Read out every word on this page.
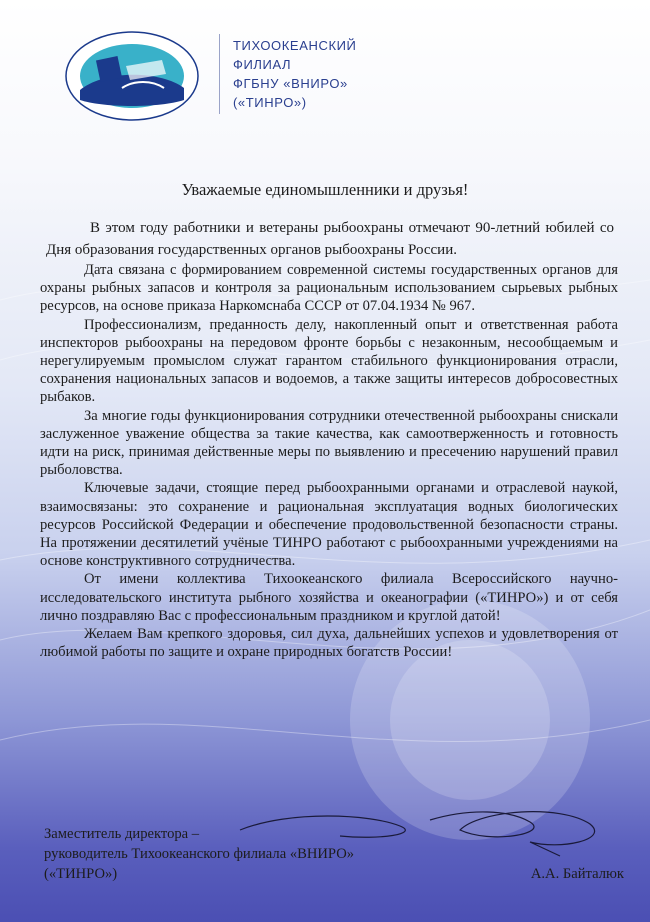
ТИХООКЕАНСКИЙ
ФИЛИАЛ
ФГБНУ «ВНИРО»
(«ТИНРО»)
Уважаемые единомышленники и друзья!

В этом году работники и ветераны рыбоохраны отмечают 90-летний юбилей со Дня образования государственных органов рыбоохраны России.

Дата связана с формированием современной системы государственных органов для охраны рыбных запасов и контроля за рациональным использованием сырьевых рыбных ресурсов, на основе приказа Наркомснаба СССР от 07.04.1934 № 967.

Профессионализм, преданность делу, накопленный опыт и ответственная работа инспекторов рыбоохраны на передовом фронте борьбы с незаконным, несообщаемым и нерегулируемым промыслом служат гарантом стабильного функционирования отрасли, сохранения национальных запасов и водоемов, а также защиты интересов добросовестных рыбаков.

За многие годы функционирования сотрудники отечественной рыбоохраны снискали заслуженное уважение общества за такие качества, как самоотверженность и готовность идти на риск, принимая действенные меры по выявлению и пресечению нарушений правил рыболовства.

Ключевые задачи, стоящие перед рыбоохранными органами и отраслевой наукой, взаимосвязаны: это сохранение и рациональная эксплуатация водных биологических ресурсов Российской Федерации и обеспечение продовольственной безопасности страны. На протяжении десятилетий учёные ТИНРО работают с рыбоохранными учреждениями на основе конструктивного сотрудничества.

От имени коллектива Тихоокеанского филиала Всероссийского научно-исследовательского института рыбного хозяйства и океанографии («ТИНРО») и от себя лично поздравляю Вас с профессиональным праздником и круглой датой!

Желаем Вам крепкого здоровья, сил духа, дальнейших успехов и удовлетворения от любимой работы по защите и охране природных богатств России!

Заместитель директора –
руководитель Тихоокеанского филиала «ВНИРО»
(«ТИНРО»)	А.А. Байталюк
